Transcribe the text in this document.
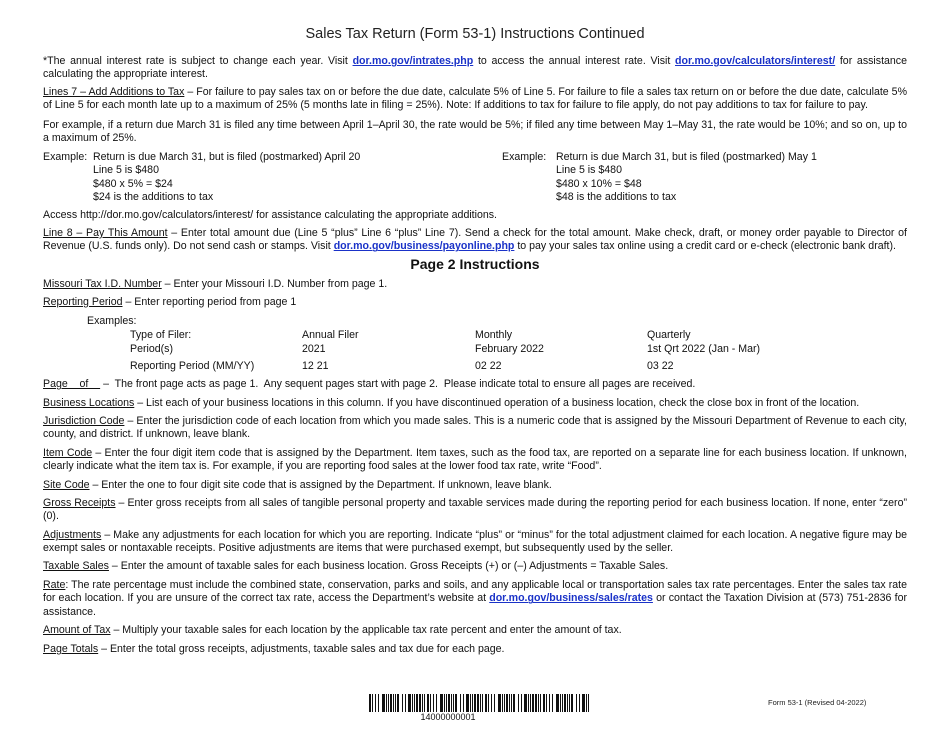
Sales Tax Return (Form 53-1) Instructions Continued
*The annual interest rate is subject to change each year. Visit dor.mo.gov/intrates.php to access the annual interest rate. Visit dor.mo.gov/calculators/interest/ for assistance calculating the appropriate interest.
Lines 7 – Add Additions to Tax – For failure to pay sales tax on or before the due date, calculate 5% of Line 5. For failure to file a sales tax return on or before the due date, calculate 5% of Line 5 for each month late up to a maximum of 25% (5 months late in filing = 25%). Note: If additions to tax for failure to file apply, do not pay additions to tax for failure to pay.
For example, if a return due March 31 is filed any time between April 1–April 30, the rate would be 5%; if filed any time between May 1–May 31, the rate would be 10%; and so on, up to a maximum of 25%.
Example: Return is due March 31, but is filed (postmarked) April 20
Line 5 is $480
$480 x 5% = $24
$24 is the additions to tax
Example: Return is due March 31, but is filed (postmarked) May 1
Line 5 is $480
$480 x 10% = $48
$48 is the additions to tax
Access http://dor.mo.gov/calculators/interest/ for assistance calculating the appropriate additions.
Line 8 – Pay This Amount – Enter total amount due (Line 5 “plus” Line 6 “plus” Line 7). Send a check for the total amount. Make check, draft, or money order payable to Director of Revenue (U.S. funds only). Do not send cash or stamps. Visit dor.mo.gov/business/payonline.php to pay your sales tax online using a credit card or e-check (electronic bank draft).
Page 2 Instructions
Missouri Tax I.D. Number – Enter your Missouri I.D. Number from page 1.
Reporting Period – Enter reporting period from page 1
Examples:
Type of Filer:
Period(s)
Reporting Period (MM/YY)
Annual Filer
2021
12 21
Monthly
February 2022
02 22
Quarterly
1st Qrt 2022 (Jan - Mar)
03 22
Page    of     –  The front page acts as page 1.  Any sequent pages start with page 2.  Please indicate total to ensure all pages are received.
Business Locations – List each of your business locations in this column. If you have discontinued operation of a business location, check the close box in front of the location.
Jurisdiction Code – Enter the jurisdiction code of each location from which you made sales. This is a numeric code that is assigned by the Missouri Department of Revenue to each city, county, and district. If unknown, leave blank.
Item Code – Enter the four digit item code that is assigned by the Department. Item taxes, such as the food tax, are reported on a separate line for each business location. If unknown, clearly indicate what the item tax is. For example, if you are reporting food sales at the lower food tax rate, write “Food”.
Site Code – Enter the one to four digit site code that is assigned by the Department. If unknown, leave blank.
Gross Receipts – Enter gross receipts from all sales of tangible personal property and taxable services made during the reporting period for each business location. If none, enter “zero” (0).
Adjustments – Make any adjustments for each location for which you are reporting. Indicate “plus” or “minus” for the total adjustment claimed for each location. A negative figure may be exempt sales or nontaxable receipts. Positive adjustments are items that were purchased exempt, but subsequently used by the seller.
Taxable Sales – Enter the amount of taxable sales for each business location. Gross Receipts (+) or (–) Adjustments = Taxable Sales.
Rate: The rate percentage must include the combined state, conservation, parks and soils, and any applicable local or transportation sales tax rate percentages. Enter the sales tax rate for each location. If you are unsure of the correct tax rate, access the Department’s website at dor.mo.gov/business/sales/rates or contact the Taxation Division at (573) 751-2836 for assistance.
Amount of Tax – Multiply your taxable sales for each location by the applicable tax rate percent and enter the amount of tax.
Page Totals – Enter the total gross receipts, adjustments, taxable sales and tax due for each page.
14000000001
Form 53-1 (Revised 04-2022)
